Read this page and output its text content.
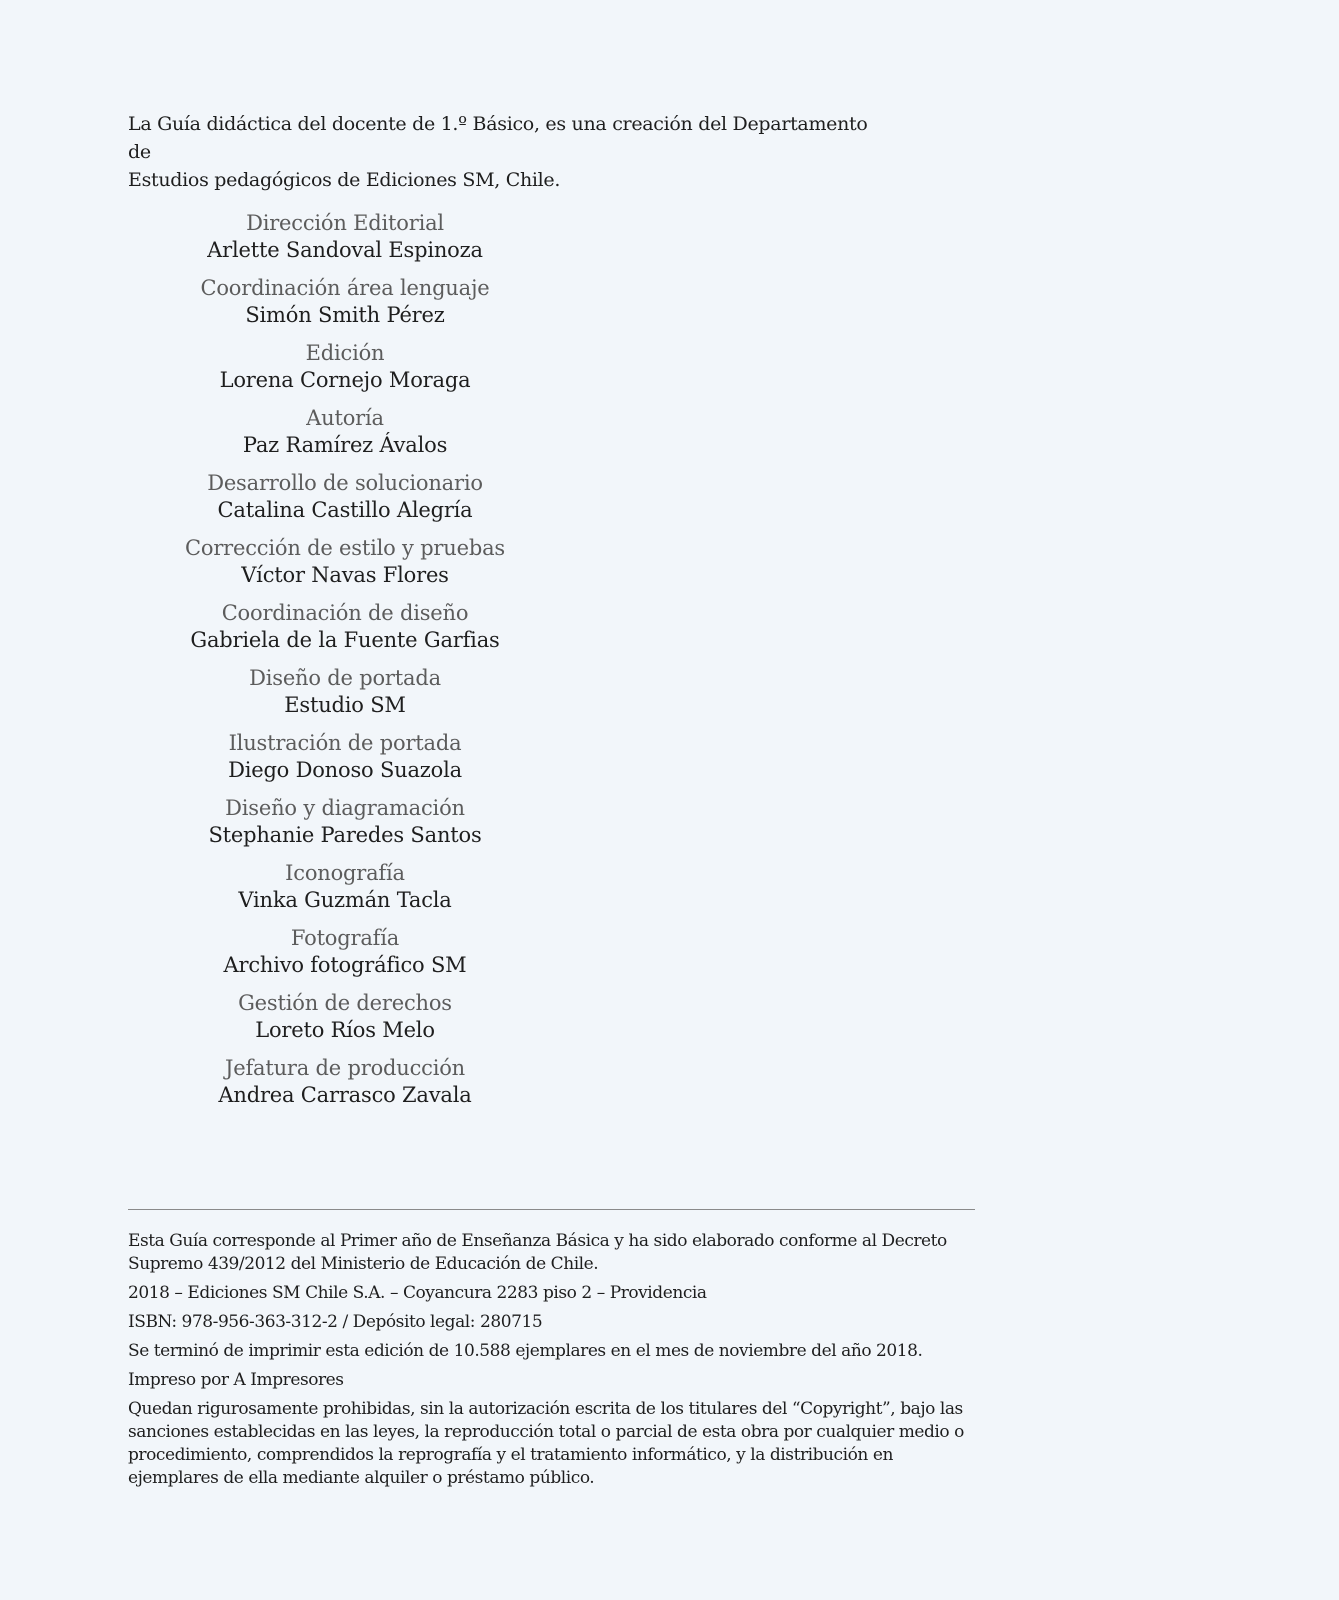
La Guía didáctica del docente de 1.º Básico, es una creación del Departamento de

Estudios pedagógicos de Ediciones SM, Chile.

Dirección Editorial
Arlette Sandoval Espinoza
Coordinación área lenguaje
Simón Smith Pérez
Edición
Lorena Cornejo Moraga
Autoría
Paz Ramírez Ávalos
Desarrollo de solucionario
Catalina Castillo Alegría
Corrección de estilo y pruebas
Víctor Navas Flores
Coordinación de diseño
Gabriela de la Fuente Garfias
Diseño de portada
Estudio SM
Ilustración de portada
Diego Donoso Suazola
Diseño y diagramación
Stephanie Paredes Santos
Iconografía
Vinka Guzmán Tacla
Fotografía
Archivo fotográfico SM
Gestión de derechos
Loreto Ríos Melo
Jefatura de producción
Andrea Carrasco Zavala

Esta Guía corresponde al Primer año de Enseñanza Básica y ha sido elaborado conforme al Decreto Supremo 439/2012 del Ministerio de Educación de Chile.

2018 – Ediciones SM Chile S.A. – Coyancura 2283 piso 2 – Providencia

ISBN: 978-956-363-312-2 / Depósito legal: 280715

Se terminó de imprimir esta edición de 10.588 ejemplares en el mes de noviembre del año 2018.

Impreso por A Impresores

Quedan rigurosamente prohibidas, sin la autorización escrita de los titulares del “Copyright”, bajo las sanciones establecidas en las leyes, la reproducción total o parcial de esta obra por cualquier medio o procedimiento, comprendidos la reprografía y el tratamiento informático, y la distribución en ejemplares de ella mediante alquiler o préstamo público.
